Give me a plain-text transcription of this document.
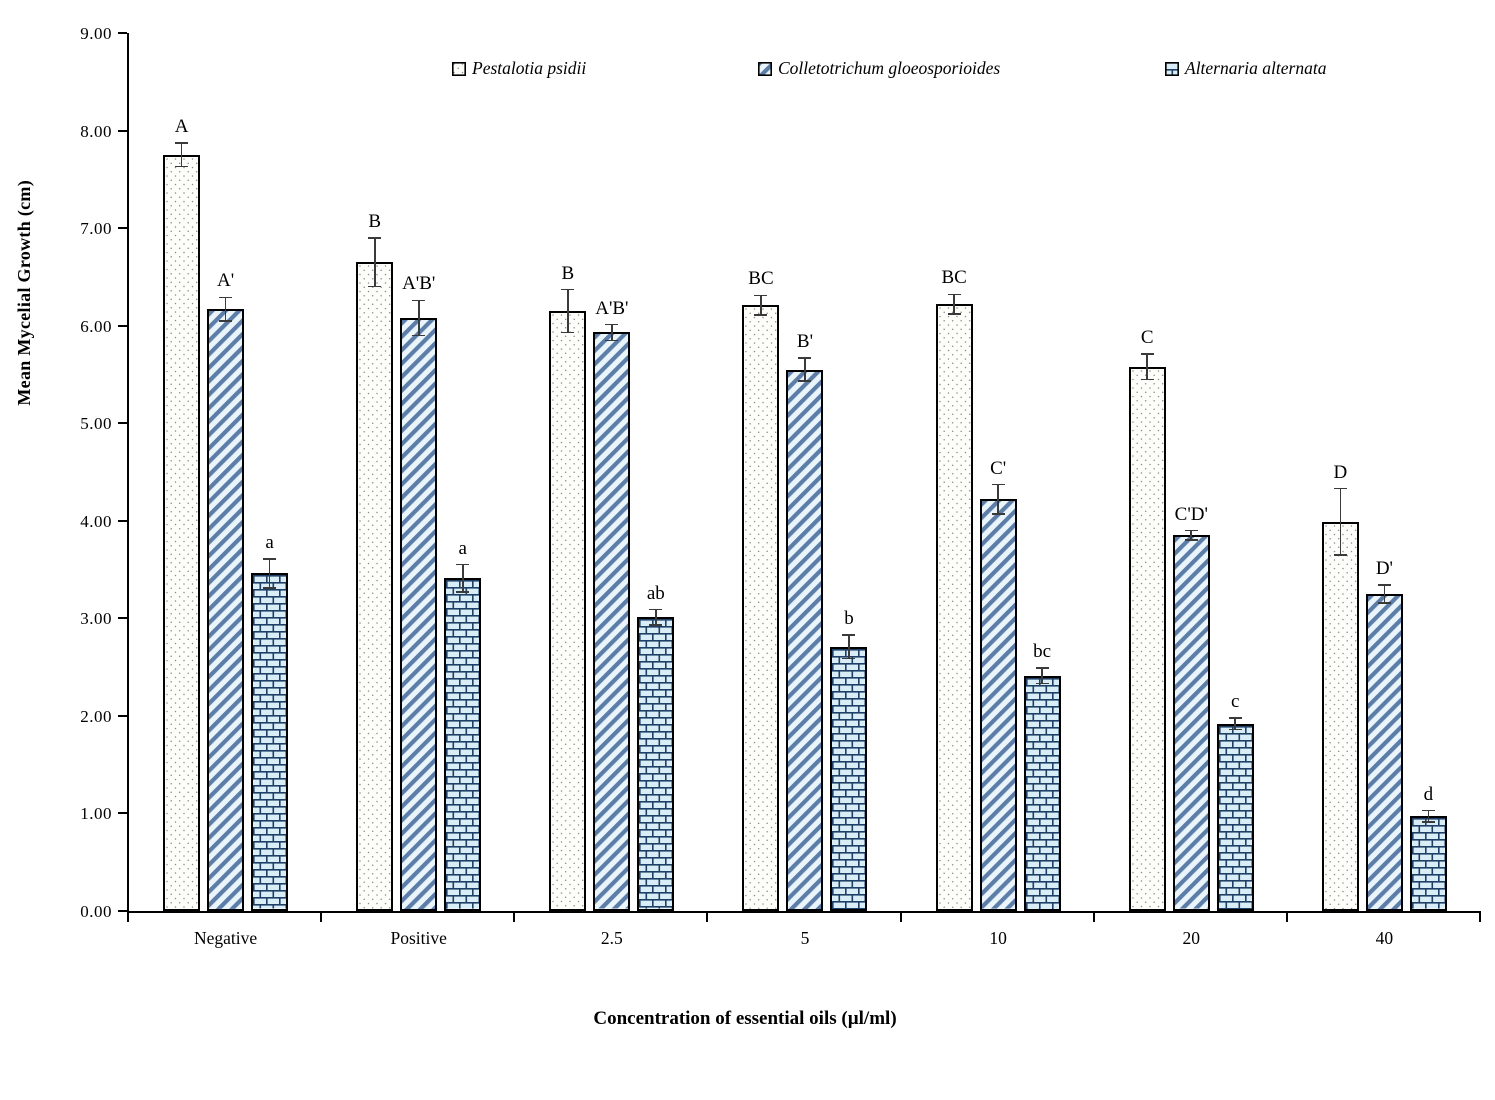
Pestalotia psidii	Colletotrichum gloeosporioides	Alternaria alternata
Mean Mycelial Growth (cm)
Concentration of essential oils (µl/ml)
0.00
1.00
2.00
3.00
4.00
5.00
6.00
7.00
8.00
9.00
Negative	Positive	2.5	5	10	20	40
A
B
B	BC	BC
C
D
A'	A'B'
A'B'
B'
C'
C'D'
D'
a	a
ab
b
bc
c
d
